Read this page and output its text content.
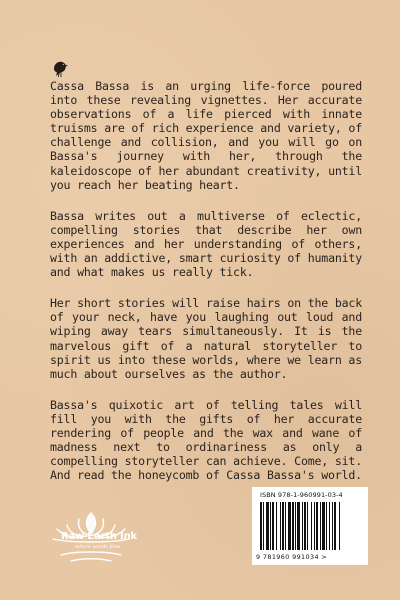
Cassa Bassa is an urging life-force poured into these revealing vignettes. Her accurate observations of a life pierced with innate truisms are of rich experience and variety, of challenge and collision, and you will go on Bassa's journey with her, through the kaleidoscope of her abundant creativity, until you reach her beating heart.

Bassa writes out a multiverse of eclectic, compelling stories that describe her own experiences and her understanding of others, with an addictive, smart curiosity of humanity and what makes us really tick.

Her short stories will raise hairs on the back of your neck, have you laughing out loud and wiping away tears simultaneously. It is the marvelous gift of a natural storyteller to spirit us into these worlds, where we learn as much about ourselves as the author.

Bassa's quixotic art of telling tales will fill you with the gifts of her accurate rendering of people and the wax and wane of madness next to ordinariness as only a compelling storyteller can achieve. Come, sit. And read the honeycomb of Cassa Bassa's world.

Raw Earth Ink
where words flow
ISBN 978-1-960991-03-4
9 781960 991034 >
